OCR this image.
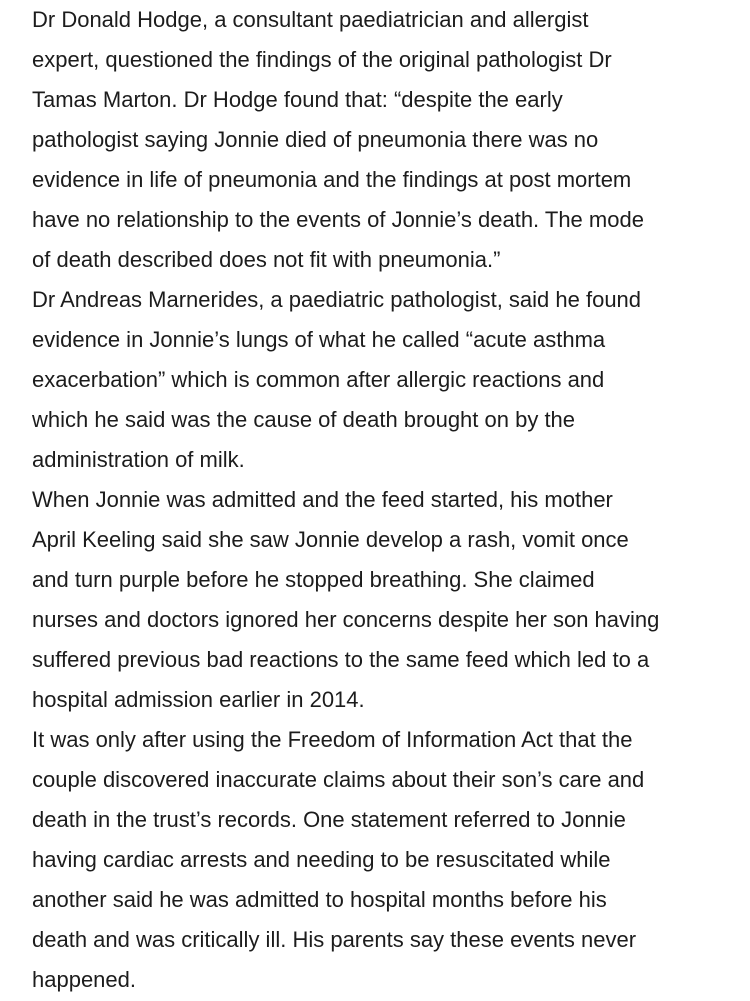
Dr Donald Hodge, a consultant paediatrician and allergist
expert, questioned the findings of the original pathologist Dr
Tamas Marton. Dr Hodge found that: “despite the early
pathologist saying Jonnie died of pneumonia there was no
evidence in life of pneumonia and the findings at post mortem
have no relationship to the events of Jonnie’s death. The mode
of death described does not fit with pneumonia.”
Dr Andreas Marnerides, a paediatric pathologist, said he found
evidence in Jonnie’s lungs of what he called “acute asthma
exacerbation” which is common after allergic reactions and
which he said was the cause of death brought on by the
administration of milk.
When Jonnie was admitted and the feed started, his mother
April Keeling said she saw Jonnie develop a rash, vomit once
and turn purple before he stopped breathing. She claimed
nurses and doctors ignored her concerns despite her son having
suffered previous bad reactions to the same feed which led to a
hospital admission earlier in 2014.
It was only after using the Freedom of Information Act that the
couple discovered inaccurate claims about their son’s care and
death in the trust’s records. One statement referred to Jonnie
having cardiac arrests and needing to be resuscitated while
another said he was admitted to hospital months before his
death and was critically ill. His parents say these events never
happened.
